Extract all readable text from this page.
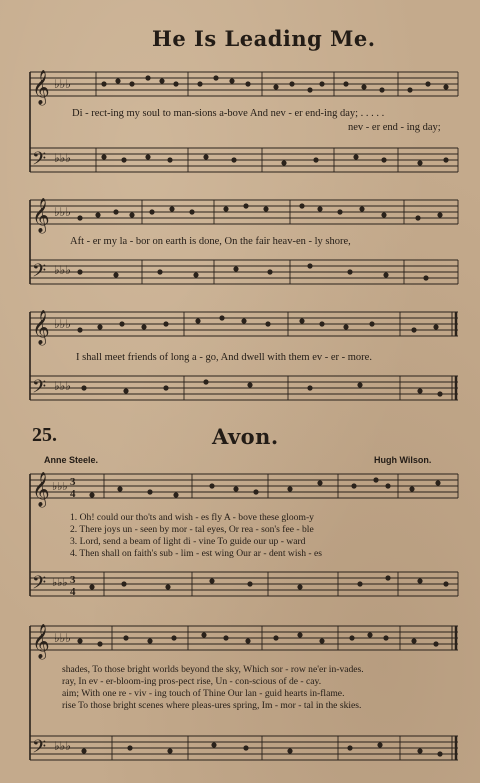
He Is Leading Me.
𝄞
𝄢
♭♭♭
♭♭♭
Di - rect-ing my soul to man-sions a-bove And nev - er end-ing day; . . . . .
nev - er end - ing day;
𝄞
𝄢
♭♭♭
♭♭♭
Aft - er my la - bor on earth is done, On the fair heav-en - ly shore,
𝄞
𝄢
♭♭♭
♭♭♭
I shall meet friends of long a - go, And dwell with them ev - er - more.
25.	Avon.
Anne Steele.	Hugh Wilson.
𝄞
𝄢
♭♭♭
♭♭♭
3
4
3
4
1. Oh! could our tho'ts and wish - es fly A - bove these gloom-y
2. There joys un - seen by mor - tal eyes, Or rea - son's fee - ble
3. Lord, send a beam of light di - vine To guide our up - ward
4. Then shall on faith's sub - lim - est wing Our ar - dent wish - es
𝄞
𝄢
♭♭♭
♭♭♭
shades, To those bright worlds beyond the sky, Which sor - row ne'er in-vades.
ray, In ev - er-bloom-ing pros-pect rise, Un - con-scious of de - cay.
aim; With one re - viv - ing touch of Thine Our lan - guid hearts in-flame.
rise To those bright scenes where pleas-ures spring, Im - mor - tal in the skies.
